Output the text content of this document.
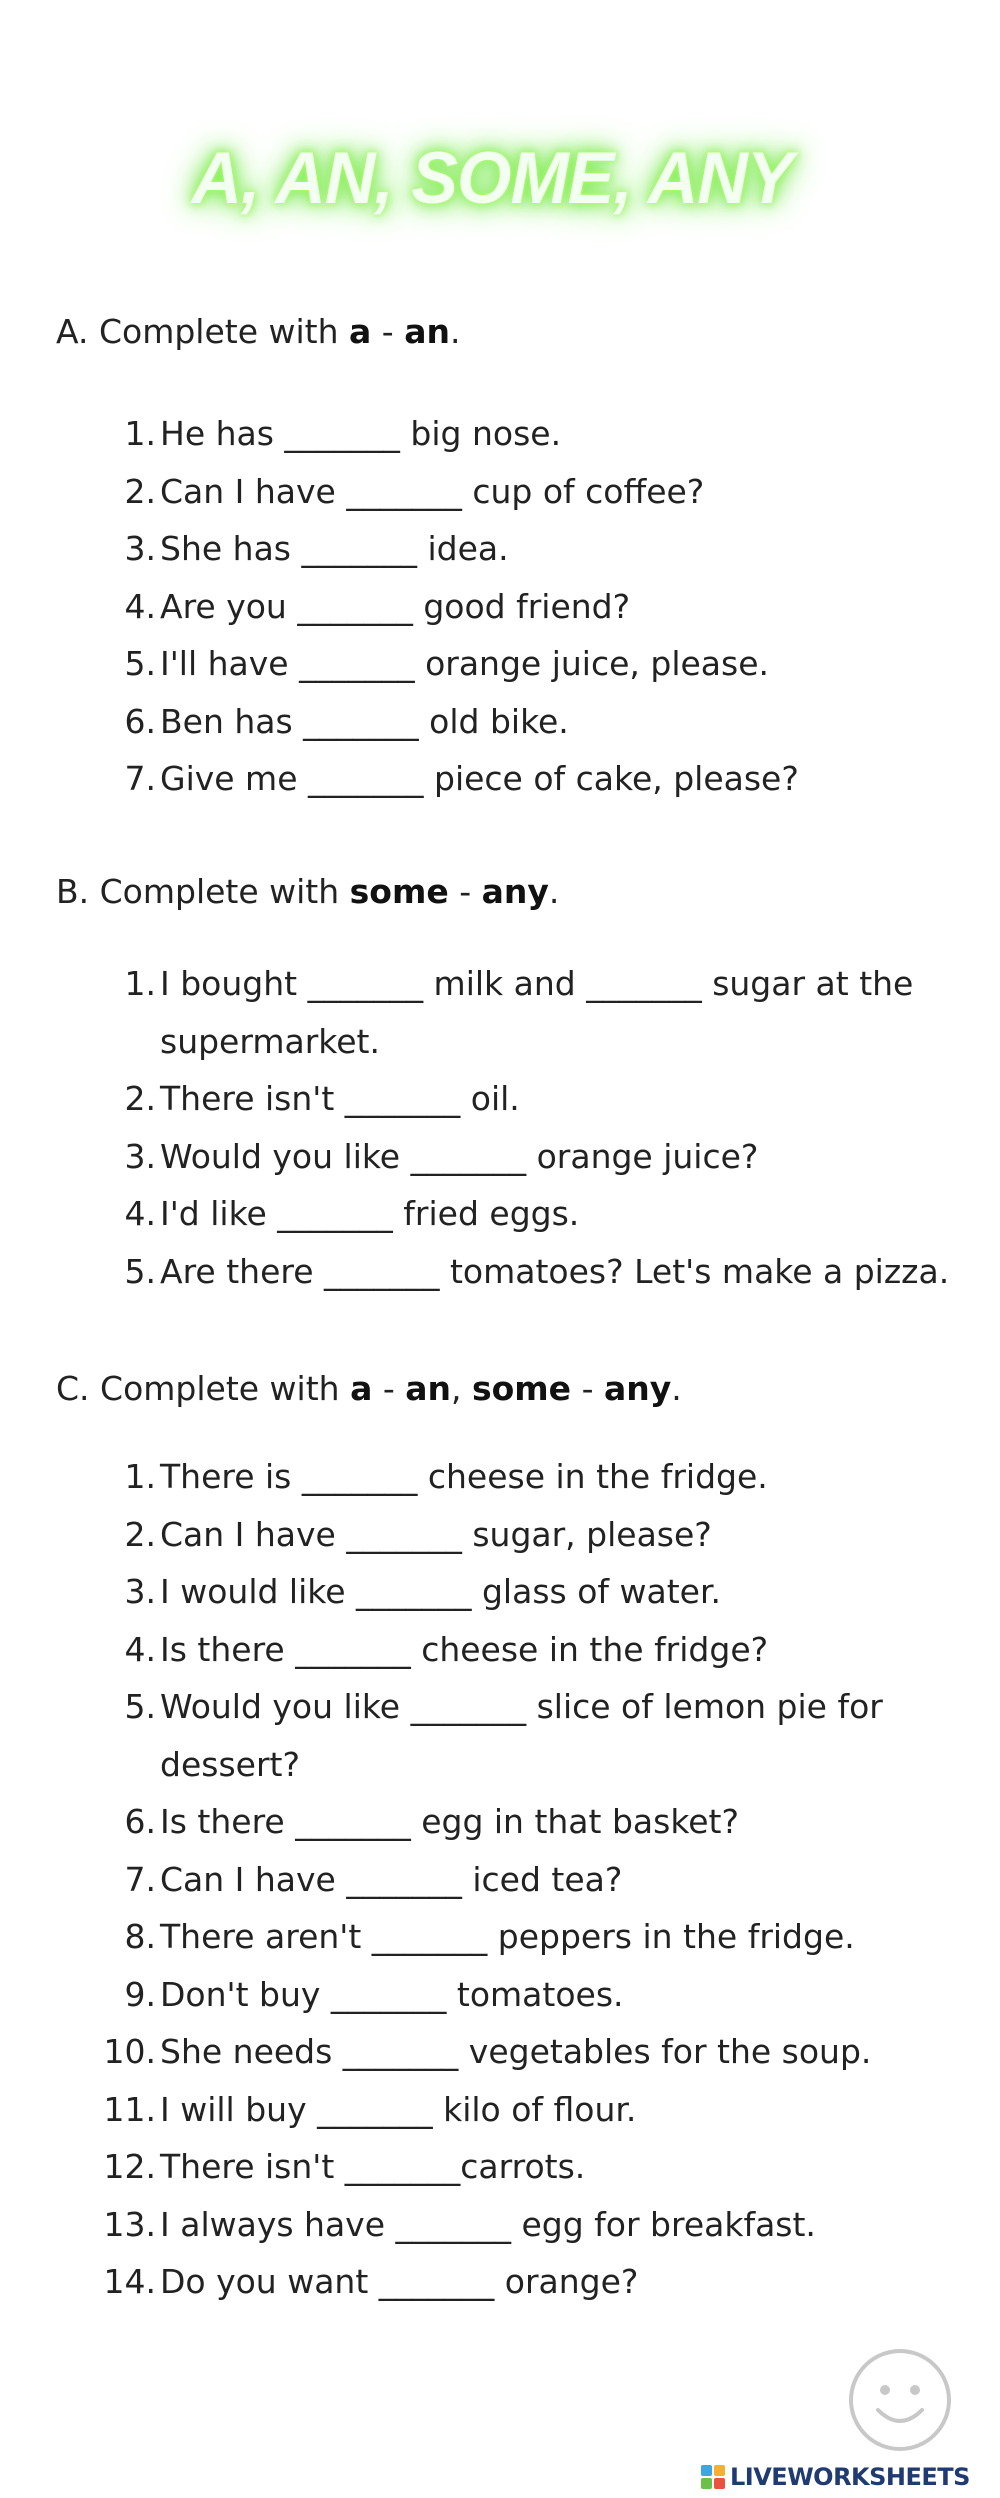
A, AN, SOME, ANY
A. Complete with a - an.
1. He has _______ big nose.
2. Can I have _______ cup of coffee?
3. She has _______ idea.
4. Are you _______ good friend?
5. I'll have _______ orange juice, please.
6. Ben has _______ old bike.
7. Give me _______ piece of cake, please?
B. Complete with some - any.
1. I bought _______ milk and _______ sugar at the supermarket.
2. There isn't _______ oil.
3. Would you like _______ orange juice?
4. I'd like _______ fried eggs.
5. Are there _______ tomatoes? Let's make a pizza.
C. Complete with a - an, some - any.
1. There is _______ cheese in the fridge.
2. Can I have _______ sugar, please?
3. I would like _______ glass of water.
4. Is there _______ cheese in the fridge?
5. Would you like _______ slice of lemon pie for dessert?
6. Is there _______ egg in that basket?
7. Can I have _______ iced tea?
8. There aren't _______ peppers in the fridge.
9. Don't buy _______ tomatoes.
10. She needs _______ vegetables for the soup.
11. I will buy _______ kilo of flour.
12. There isn't _______carrots.
13. I always have _______ egg for breakfast.
14. Do you want _______ orange?
LIVEWORKSHEETS
